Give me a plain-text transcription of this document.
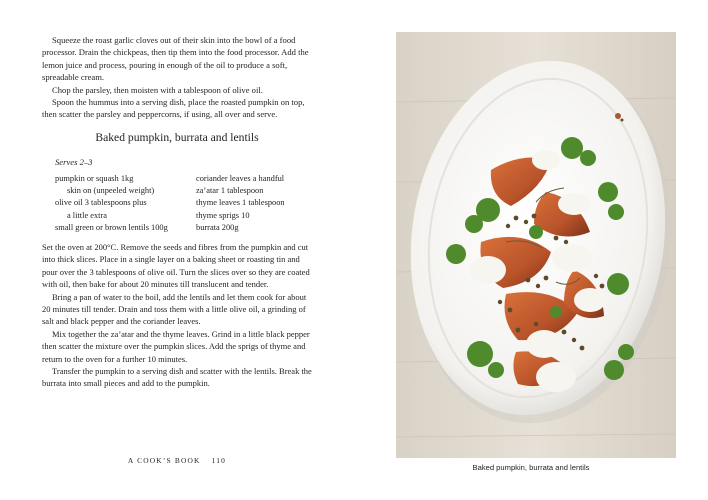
Squeeze the roast garlic cloves out of their skin into the bowl of a food processor. Drain the chickpeas, then tip them into the food processor. Add the lemon juice and process, pouring in enough of the oil to produce a soft, spreadable cream.

Chop the parsley, then moisten with a tablespoon of olive oil.

Spoon the hummus into a serving dish, place the roasted pumpkin on top, then scatter the parsley and peppercorns, if using, all over and serve.

Baked pumpkin, burrata and lentils
Serves 2–3
pumpkin or squash 1kg
skin on (unpeeled weight)
olive oil 3 tablespoons plus
a little extra
small green or brown lentils 100g
coriander leaves a handful
za’atar 1 tablespoon
thyme leaves 1 tablespoon
thyme sprigs 10
burrata 200g

Set the oven at 200°C. Remove the seeds and fibres from the pumpkin and cut into thick slices. Place in a single layer on a baking sheet or roasting tin and pour over the 3 tablespoons of olive oil. Turn the slices over so they are coated with oil, then bake for about 20 minutes till translucent and tender.

Bring a pan of water to the boil, add the lentils and let them cook for about 20 minutes till tender. Drain and toss them with a little olive oil, a grinding of salt and black pepper and the coriander leaves.

Mix together the za’atar and the thyme leaves. Grind in a little black pepper then scatter the mixture over the pumpkin slices. Add the sprigs of thyme and return to the oven for a further 10 minutes.

Transfer the pumpkin to a serving dish and scatter with the lentils. Break the burrata into small pieces and add to the pumpkin.

A COOK’S BOOK 110
Baked pumpkin, burrata and lentils
